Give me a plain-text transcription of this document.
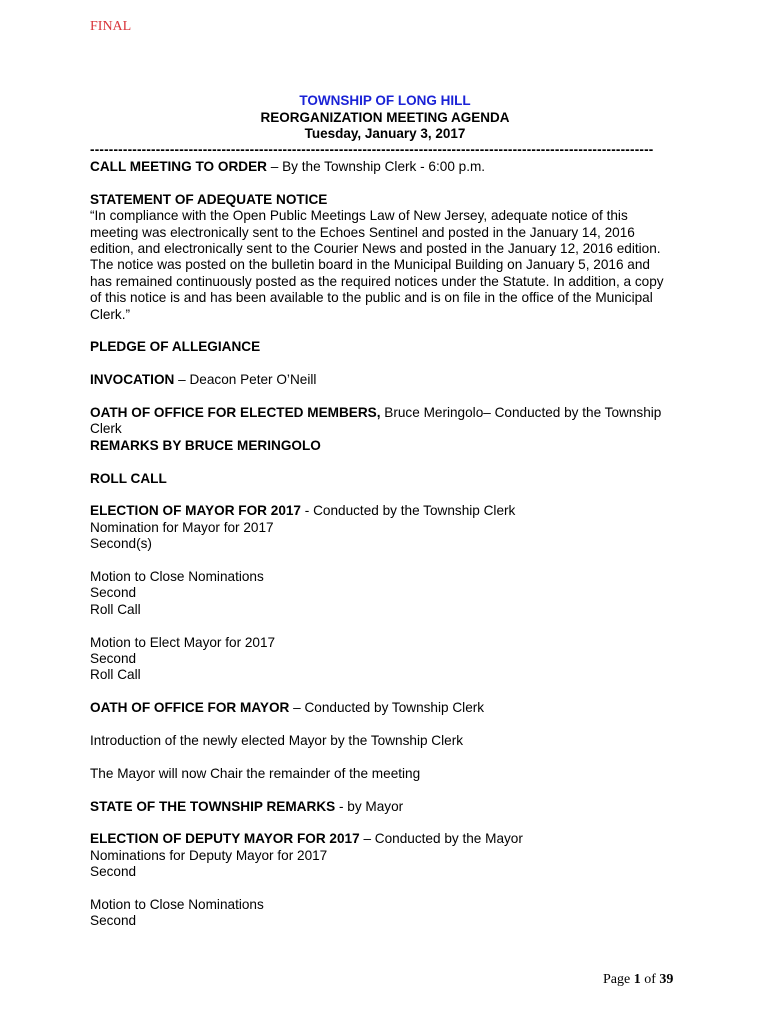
FINAL
TOWNSHIP OF LONG HILL
REORGANIZATION MEETING AGENDA
Tuesday, January 3, 2017
------------------------------------------------------------------------------------------------------------------------

CALL MEETING TO ORDER – By the Township Clerk - 6:00 p.m.

STATEMENT OF ADEQUATE NOTICE

“In compliance with the Open Public Meetings Law of New Jersey, adequate notice of this

meeting was electronically sent to the Echoes Sentinel and posted in the January 14, 2016

edition, and electronically sent to the Courier News and posted in the January 12, 2016 edition.

The notice was posted on the bulletin board in the Municipal Building on January 5, 2016 and

has remained continuously posted as the required notices under the Statute. In addition, a copy

of this notice is and has been available to the public and is on file in the office of the Municipal

Clerk.”

PLEDGE OF ALLEGIANCE

INVOCATION – Deacon Peter O’Neill

OATH OF OFFICE FOR ELECTED MEMBERS, Bruce Meringolo– Conducted by the Township

Clerk

REMARKS BY BRUCE MERINGOLO

ROLL CALL

ELECTION OF MAYOR FOR 2017 - Conducted by the Township Clerk

Nomination for Mayor for 2017

Second(s)

Motion to Close Nominations

Second

Roll Call

Motion to Elect Mayor for 2017

Second

Roll Call

OATH OF OFFICE FOR MAYOR – Conducted by Township Clerk

Introduction of the newly elected Mayor by the Township Clerk

The Mayor will now Chair the remainder of the meeting

STATE OF THE TOWNSHIP REMARKS - by Mayor

ELECTION OF DEPUTY MAYOR FOR 2017 – Conducted by the Mayor

Nominations for Deputy Mayor for 2017

Second

Motion to Close Nominations

Second

Page 1 of 39
